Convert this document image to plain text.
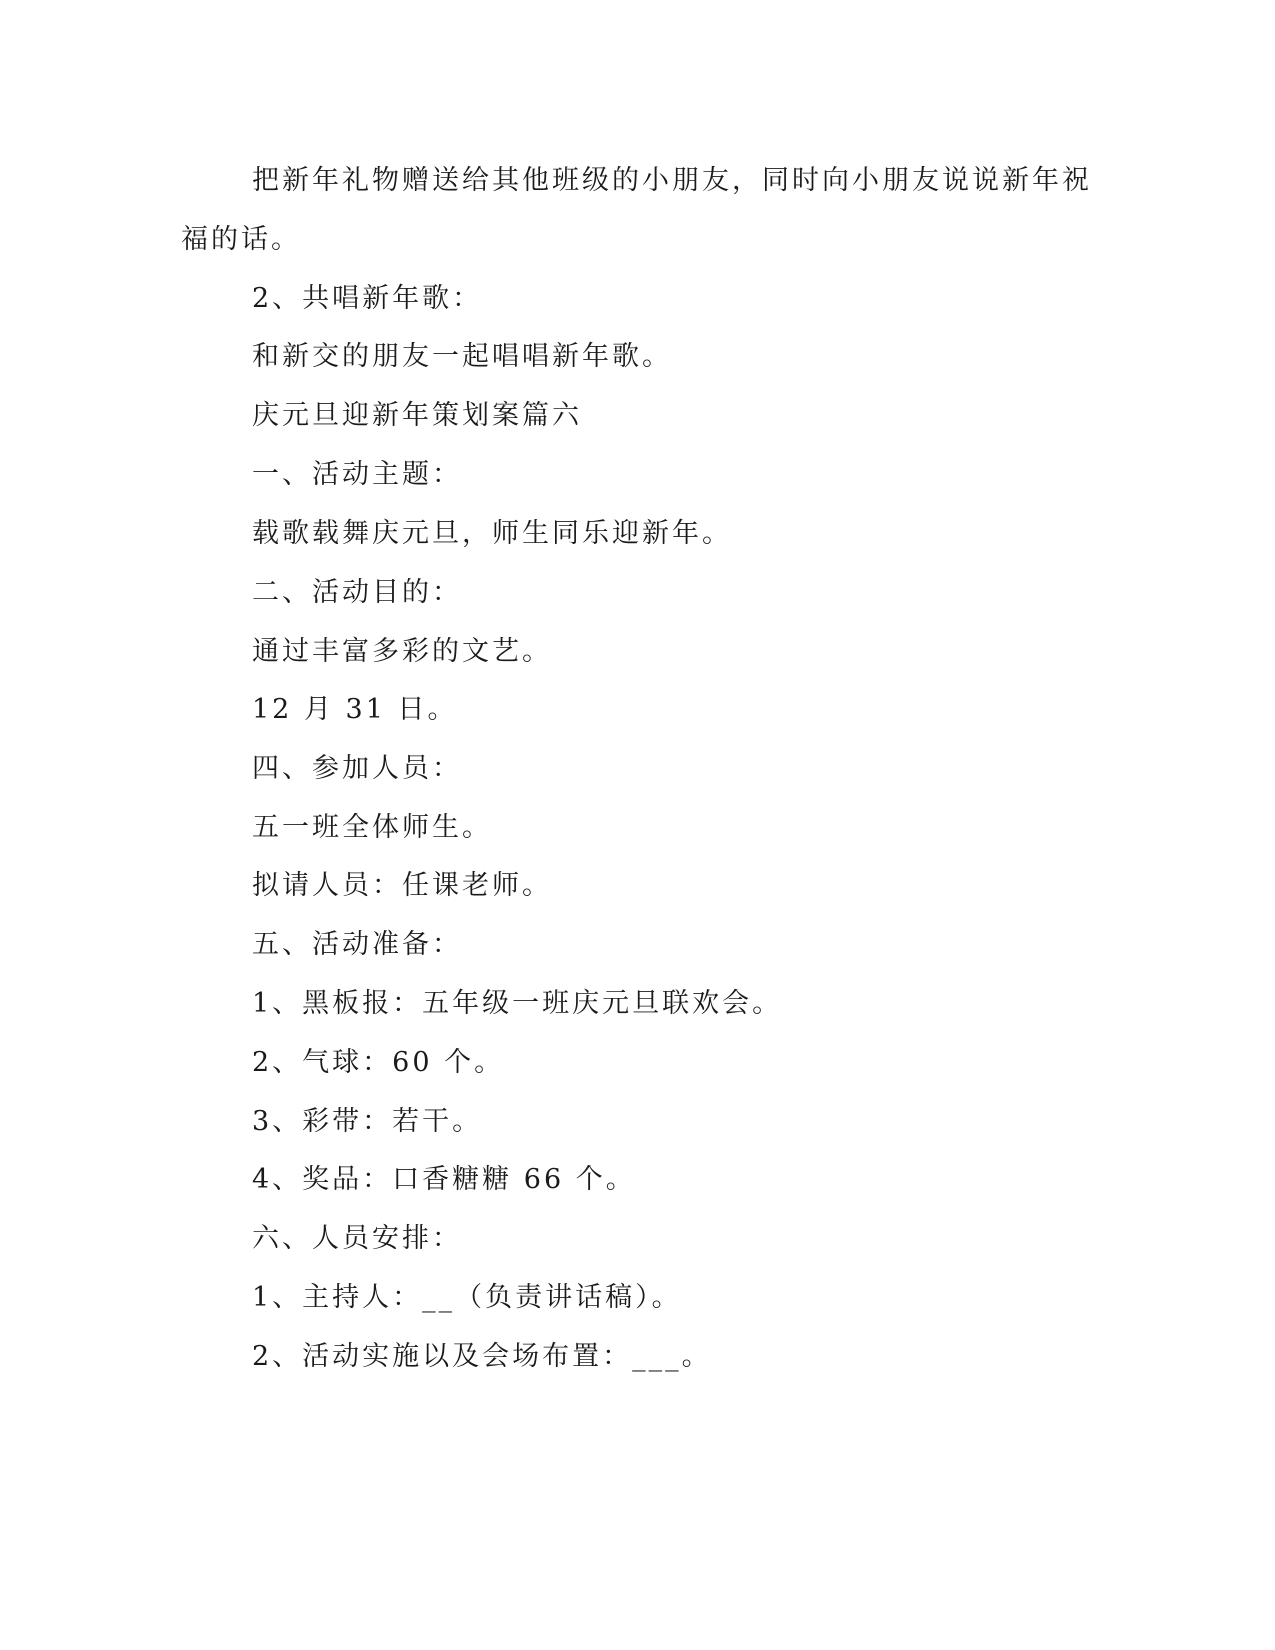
把新年礼物赠送给其他班级的小朋友，同时向小朋友说说新年祝
福的话。
2、共唱新年歌：
和新交的朋友一起唱唱新年歌。
庆元旦迎新年策划案篇六
一、活动主题：
载歌载舞庆元旦，师生同乐迎新年。
二、活动目的：
通过丰富多彩的文艺。
12 月 31 日。
四、参加人员：
五一班全体师生。
拟请人员：任课老师。
五、活动准备：
1、黑板报：五年级一班庆元旦联欢会。
2、气球：60 个。
3、彩带：若干。
4、奖品：口香糖糖 66 个。
六、人员安排：
1、主持人：__（负责讲话稿）。
2、活动实施以及会场布置：___。
